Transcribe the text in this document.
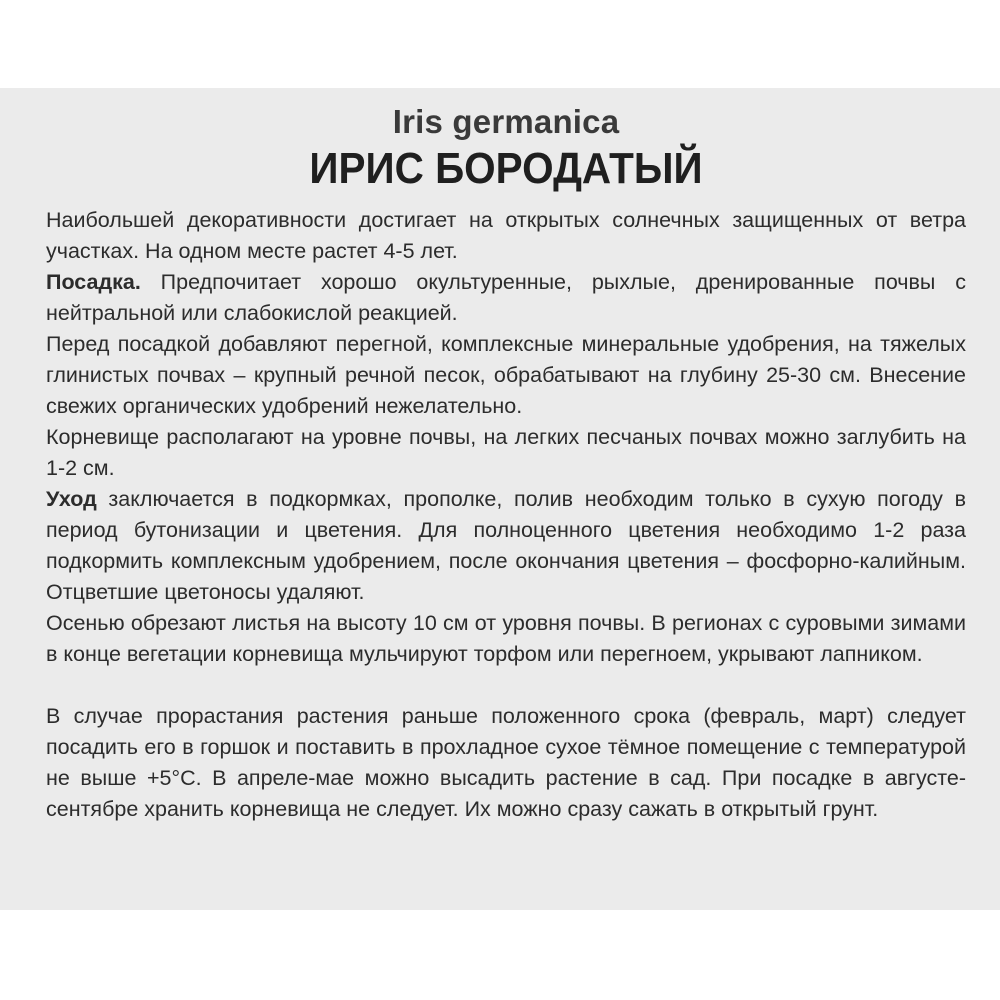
Iris germanica
ИРИС БОРОДАТЫЙ

Наибольшей декоративности достигает на открытых солнечных защищенных от ветра участках. На одном месте растет 4-5 лет.

Посадка. Предпочитает хорошо окультуренные, рыхлые, дренированные почвы с нейтральной или слабокислой реакцией.

Перед посадкой добавляют перегной, комплексные минеральные удобрения, на тяжелых глинистых почвах – крупный речной песок, обрабатывают на глубину 25-30 см. Внесение свежих органических удобрений нежелательно.

Корневище располагают на уровне почвы, на легких песчаных почвах можно заглубить на 1-2 см.

Уход заключается в подкормках, прополке, полив необходим только в сухую погоду в период бутонизации и цветения. Для полноценного цветения необходимо 1-2 раза подкормить комплексным удобрением, после окончания цветения – фосфорно-калийным. Отцветшие цветоносы удаляют.

Осенью обрезают листья на высоту 10 см от уровня почвы. В регионах с суровыми зимами в конце вегетации корневища мульчируют торфом или перегноем, укрывают лапником.

В случае прорастания растения раньше положенного срока (февраль, март) следует посадить его в горшок и поставить в прохладное сухое тёмное помещение с температурой не выше +5°С. В апреле-мае можно высадить растение в сад. При посадке в августе-сентябре хранить корневища не следует. Их можно сразу сажать в открытый грунт.
